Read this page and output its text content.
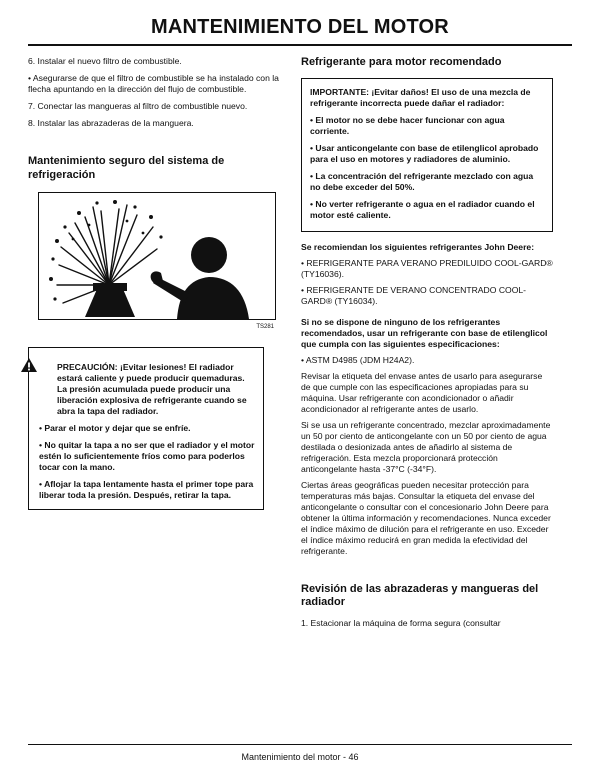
MANTENIMIENTO DEL MOTOR

6. Instalar el nuevo filtro de combustible.

• Asegurarse de que el filtro de combustible se ha instalado con la flecha apuntando en la dirección del flujo de combustible.

7. Conectar las mangueras al filtro de combustible nuevo.

8. Instalar las abrazaderas de la manguera.

Mantenimiento seguro del sistema de refrigeración
TS281

PRECAUCIÓN: ¡Evitar lesiones! El radiador estará caliente y puede producir quemaduras. La presión acumulada puede producir una liberación explosiva de refrigerante cuando se abra la tapa del radiador.

• Parar el motor y dejar que se enfríe.

• No quitar la tapa a no ser que el radiador y el motor estén lo suficientemente fríos como para poderlos tocar con la mano.

• Aflojar la tapa lentamente hasta el primer tope para liberar toda la presión. Después, retirar la tapa.

Refrigerante para motor recomendado

IMPORTANTE: ¡Evitar daños! El uso de una mezcla de refrigerante incorrecta puede dañar el radiador:

• El motor no se debe hacer funcionar con agua corriente.

• Usar anticongelante con base de etilenglicol aprobado para el uso en motores y radiadores de aluminio.

• La concentración del refrigerante mezclado con agua no debe exceder del 50%.

• No verter refrigerante o agua en el radiador cuando el motor esté caliente.

Se recomiendan los siguientes refrigerantes John Deere:

• REFRIGERANTE PARA VERANO PREDILUIDO COOL-GARD® (TY16036).

• REFRIGERANTE DE VERANO CONCENTRADO COOL-GARD® (TY16034).

Si no se dispone de ninguno de los refrigerantes recomendados, usar un refrigerante con base de etilenglicol que cumpla con las siguientes especificaciones:

• ASTM D4985 (JDM H24A2).

Revisar la etiqueta del envase antes de usarlo para asegurarse de que cumple con las especificaciones apropiadas para su máquina. Usar refrigerante con acondicionador o añadir acondicionador al refrigerante antes de usarlo.

Si se usa un refrigerante concentrado, mezclar aproximadamente un 50 por ciento de anticongelante con un 50 por ciento de agua destilada o desionizada antes de añadirlo al sistema de refrigeración. Esta mezcla proporcionará protección anticongelante hasta -37°C (-34°F).

Ciertas áreas geográficas pueden necesitar protección para temperaturas más bajas. Consultar la etiqueta del envase del anticongelante o consultar con el concesionario John Deere para obtener la última información y recomendaciones. Nunca exceder el índice máximo de dilución para el refrigerante en uso. Exceder el índice máximo reducirá en gran medida la efectividad del refrigerante.

Revisión de las abrazaderas y mangueras del radiador

1. Estacionar la máquina de forma segura (consultar

Mantenimiento del motor - 46
